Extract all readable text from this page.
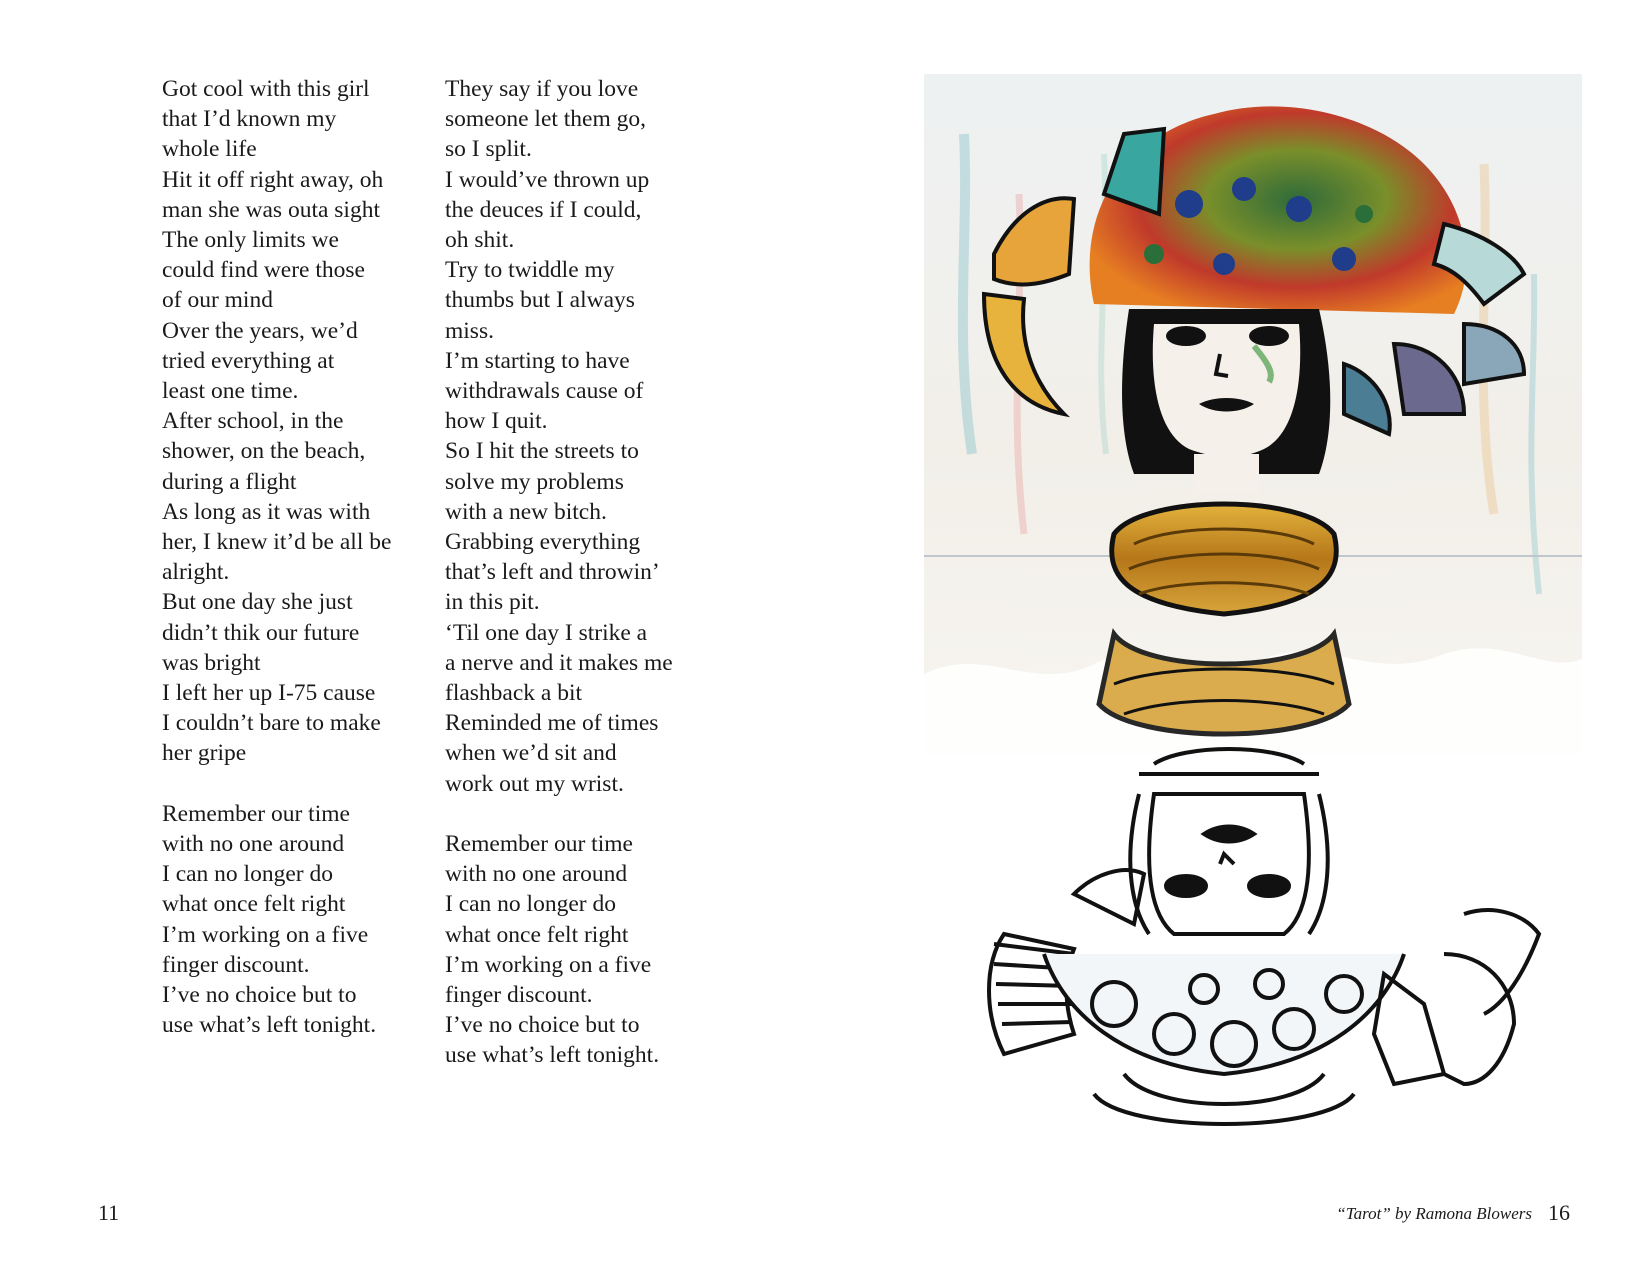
Got cool with this girl
that I’d known my
whole life
Hit it off right away, oh
man she was outa sight
The only limits we
could find were those
of our mind
Over the years, we’d
tried everything at
least one time.
After school, in the
shower, on the beach,
during a flight
As long as it was with
her, I knew it’d be all be
alright.
But one day she just
didn’t thik our future
was bright
I left her up I-75 cause
I couldn’t bare to make
her gripe
Remember our time
with no one around
I can no longer do
what once felt right
I’m working on a five
finger discount.
I’ve no choice but to
use what’s left tonight.
They say if you love
someone let them go,
so I split.
I would’ve thrown up
the deuces if I could,
oh shit.
Try to twiddle my
thumbs but I always
miss.
I’m starting to have
withdrawals cause of
how I quit.
So I hit the streets to
solve my problems
with a new bitch.
Grabbing everything
that’s left and throwin’
in this pit.
‘Til one day I strike a
a nerve and it makes me
flashback a bit
Reminded me of times
when we’d sit and
work out my wrist.
Remember our time
with no one around
I can no longer do
what once felt right
I’m working on a five
finger discount.
I’ve no choice but to
use what’s left tonight.
11	“Tarot” by Ramona Blowers 16
